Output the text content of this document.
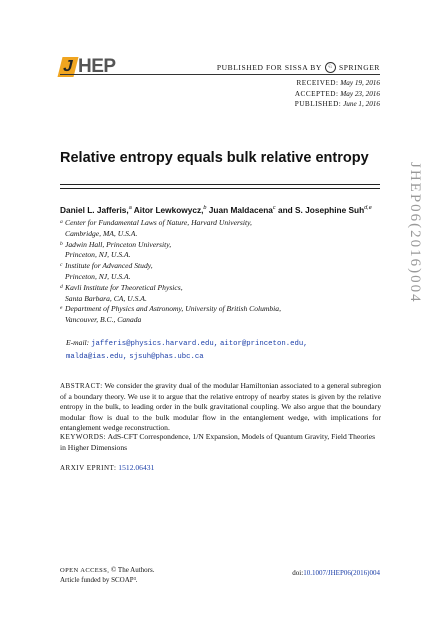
J HEP	PUBLISHED FOR SISSA BY ♘ SPRINGER
RECEIVED: May 19, 2016
ACCEPTED: May 23, 2016
PUBLISHED: June 1, 2016
Relative entropy equals bulk relative entropy
JHEP06(2016)004
Daniel L. Jafferis,$^a$ Aitor Lewkowycz,$^b$ Juan Maldacena$^c$ and S. Josephine Suh$^{d,e}$
a Center for Fundamental Laws of Nature, Harvard University,
Cambridge, MA, U.S.A.
b Jadwin Hall, Princeton University,
Princeton, NJ, U.S.A.
c Institute for Advanced Study,
Princeton, NJ, U.S.A.
d Kavli Institute for Theoretical Physics,
Santa Barbara, CA, U.S.A.
e Department of Physics and Astronomy, University of British Columbia,
Vancouver, B.C., Canada
E-mail: jafferis@physics.harvard.edu, aitor@princeton.edu,
malda@ias.edu, sjsuh@phas.ubc.ca
ABSTRACT: We consider the gravity dual of the modular Hamiltonian associated to a general subregion of a boundary theory. We use it to argue that the relative entropy of nearby states is given by the relative entropy in the bulk, to leading order in the bulk gravitational coupling. We also argue that the boundary modular flow is dual to the bulk modular flow in the entanglement wedge, with implications for entanglement wedge reconstruction.
KEYWORDS: AdS-CFT Correspondence, 1/N Expansion, Models of Quantum Gravity, Field Theories in Higher Dimensions
ARXIV EPRINT: 1512.06431
OPEN ACCESS, © The Authors.
Article funded by SCOAP³.
doi:10.1007/JHEP06(2016)004
